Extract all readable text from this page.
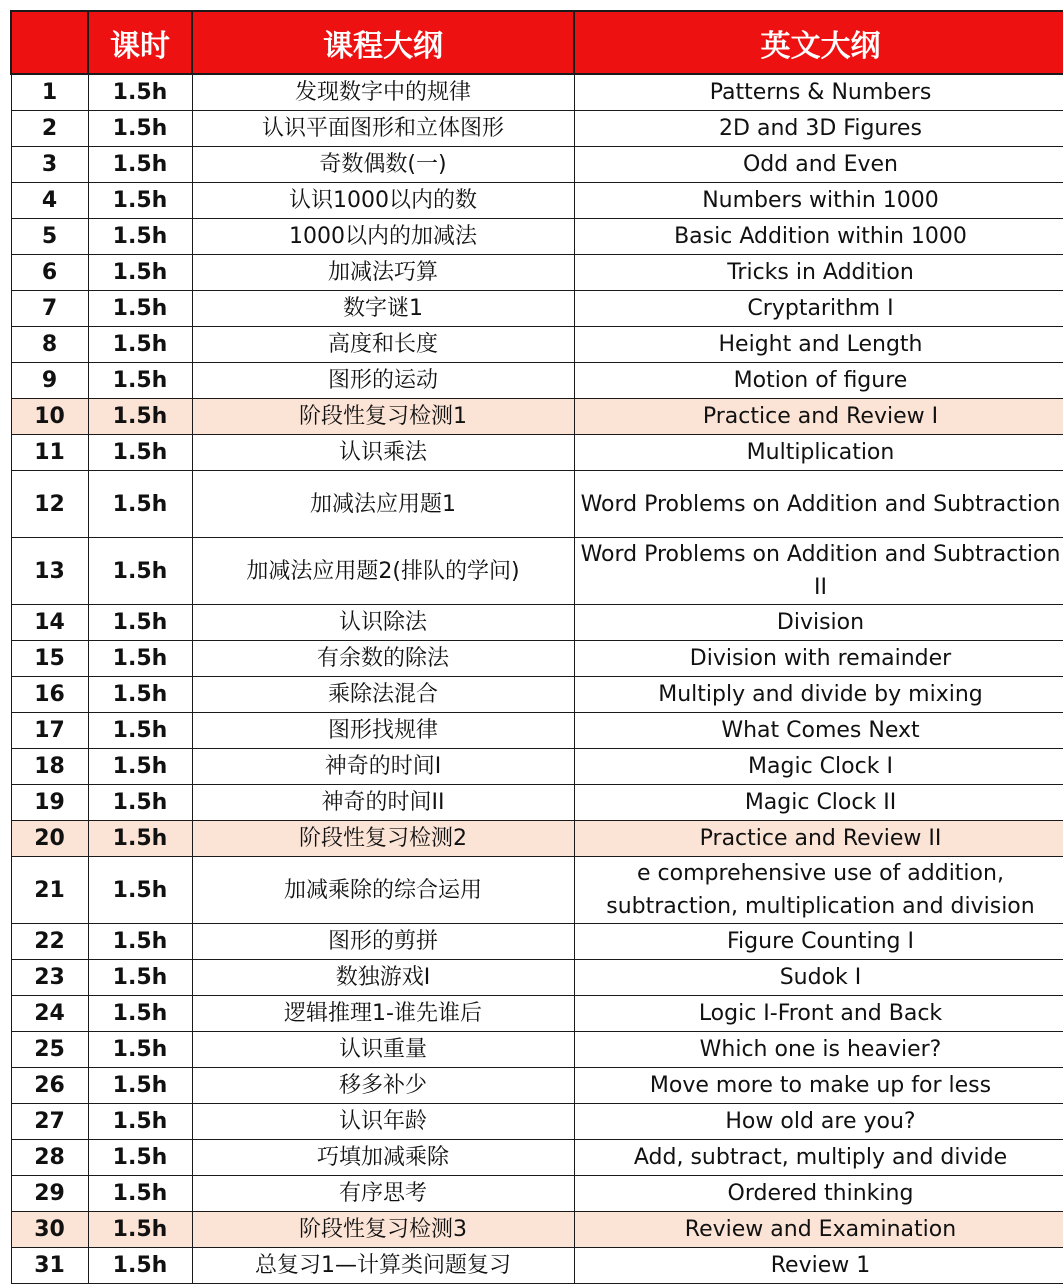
	课时	课程大纲	英文大纲
1	1.5h	发现数字中的规律	Patterns & Numbers
2	1.5h	认识平面图形和立体图形	2D and 3D Figures
3	1.5h	奇数偶数(一)	Odd and Even
4	1.5h	认识1000以内的数	Numbers within 1000
5	1.5h	1000以内的加减法	Basic Addition within 1000
6	1.5h	加减法巧算	Tricks in Addition
7	1.5h	数字谜1	Cryptarithm I
8	1.5h	高度和长度	Height and Length
9	1.5h	图形的运动	Motion of figure
10	1.5h	阶段性复习检测1	Practice and Review I
11	1.5h	认识乘法	Multiplication
12	1.5h	加减法应用题1	Word Problems on Addition and Subtraction
13	1.5h	加减法应用题2(排队的学问)	Word Problems on Addition and Subtraction II
14	1.5h	认识除法	Division
15	1.5h	有余数的除法	Division with remainder
16	1.5h	乘除法混合	Multiply and divide by mixing
17	1.5h	图形找规律	What Comes Next
18	1.5h	神奇的时间I	Magic Clock I
19	1.5h	神奇的时间II	Magic Clock II
20	1.5h	阶段性复习检测2	Practice and Review II
21	1.5h	加减乘除的综合运用	e comprehensive use of addition, subtraction, multiplication and division
22	1.5h	图形的剪拼	Figure Counting I
23	1.5h	数独游戏I	Sudok I
24	1.5h	逻辑推理1-谁先谁后	Logic I-Front and Back
25	1.5h	认识重量	Which one is heavier?
26	1.5h	移多补少	Move more to make up for less
27	1.5h	认识年龄	How old are you?
28	1.5h	巧填加减乘除	Add, subtract, multiply and divide
29	1.5h	有序思考	Ordered thinking
30	1.5h	阶段性复习检测3	Review and Examination
31	1.5h	总复习1—计算类问题复习	Review 1
